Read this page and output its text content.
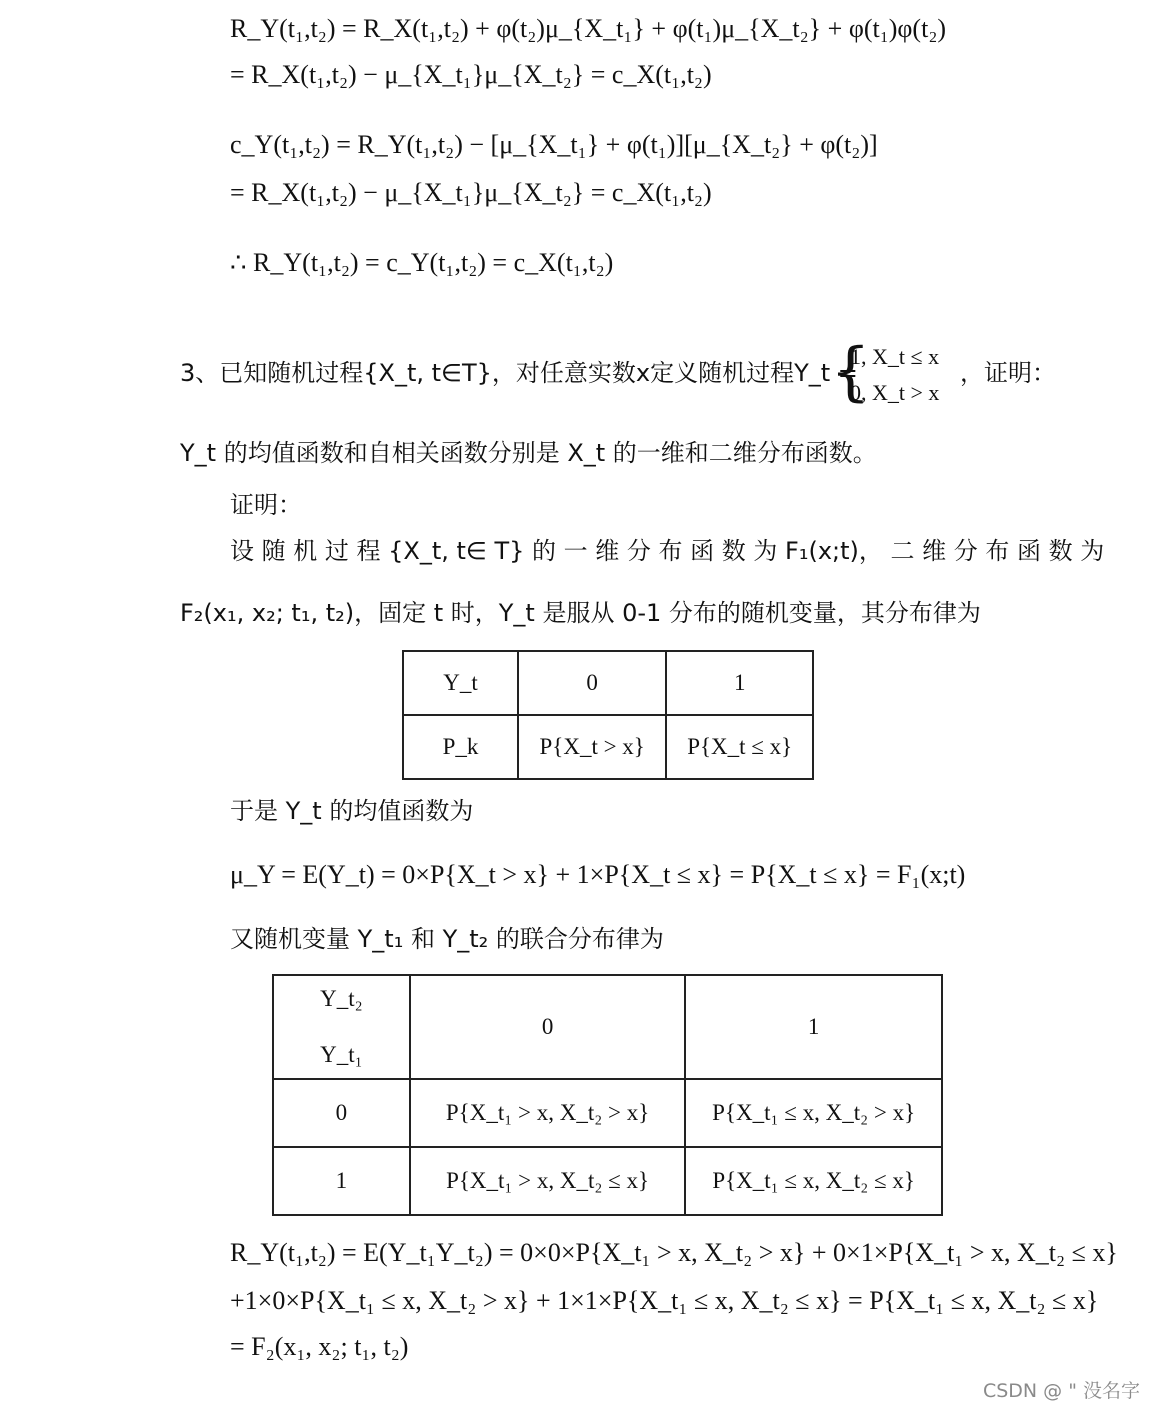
R_Y(t₁,t₂) = R_X(t₁,t₂) + φ(t₂)μ_{X_t₁} + φ(t₁)μ_{X_t₂} + φ(t₁)φ(t₂)
= R_X(t₁,t₂) − μ_{X_t₁}μ_{X_t₂} = c_X(t₁,t₂)
c_Y(t₁,t₂) = R_Y(t₁,t₂) − [μ_{X_t₁} + φ(t₁)][μ_{X_t₂} + φ(t₂)]
= R_X(t₁,t₂) − μ_{X_t₁}μ_{X_t₂} = c_X(t₁,t₂)
∴ R_Y(t₁,t₂) = c_Y(t₁,t₂) = c_X(t₁,t₂)
3、已知随机过程{X_t, t∈T}，对任意实数x定义随机过程Y_t =
{
1, X_t ≤ x
0, X_t > x
，证明：
Y_t 的均值函数和自相关函数分别是 X_t 的一维和二维分布函数。
证明：
设 随 机 过 程 {X_t, t∈ T} 的 一 维 分 布 函 数 为 F₁(x;t)， 二 维 分 布 函 数 为
F₂(x₁, x₂; t₁, t₂)，固定 t 时，Y_t 是服从 0-1 分布的随机变量，其分布律为
Y_t	0	1
P_k	P{X_t > x}	P{X_t ≤ x}
于是 Y_t 的均值函数为
μ_Y = E(Y_t) = 0×P{X_t > x} + 1×P{X_t ≤ x} = P{X_t ≤ x} = F₁(x;t)
又随机变量 Y_t₁ 和 Y_t₂ 的联合分布律为
Y_t₂
Y_t₁	0	1
0	P{X_t₁ > x, X_t₂ > x}	P{X_t₁ ≤ x, X_t₂ > x}
1	P{X_t₁ > x, X_t₂ ≤ x}	P{X_t₁ ≤ x, X_t₂ ≤ x}
R_Y(t₁,t₂) = E(Y_t₁Y_t₂) = 0×0×P{X_t₁ > x, X_t₂ > x} + 0×1×P{X_t₁ > x, X_t₂ ≤ x}
+1×0×P{X_t₁ ≤ x, X_t₂ > x} + 1×1×P{X_t₁ ≤ x, X_t₂ ≤ x} = P{X_t₁ ≤ x, X_t₂ ≤ x}
= F₂(x₁, x₂; t₁, t₂)
CSDN @ " 没名字
